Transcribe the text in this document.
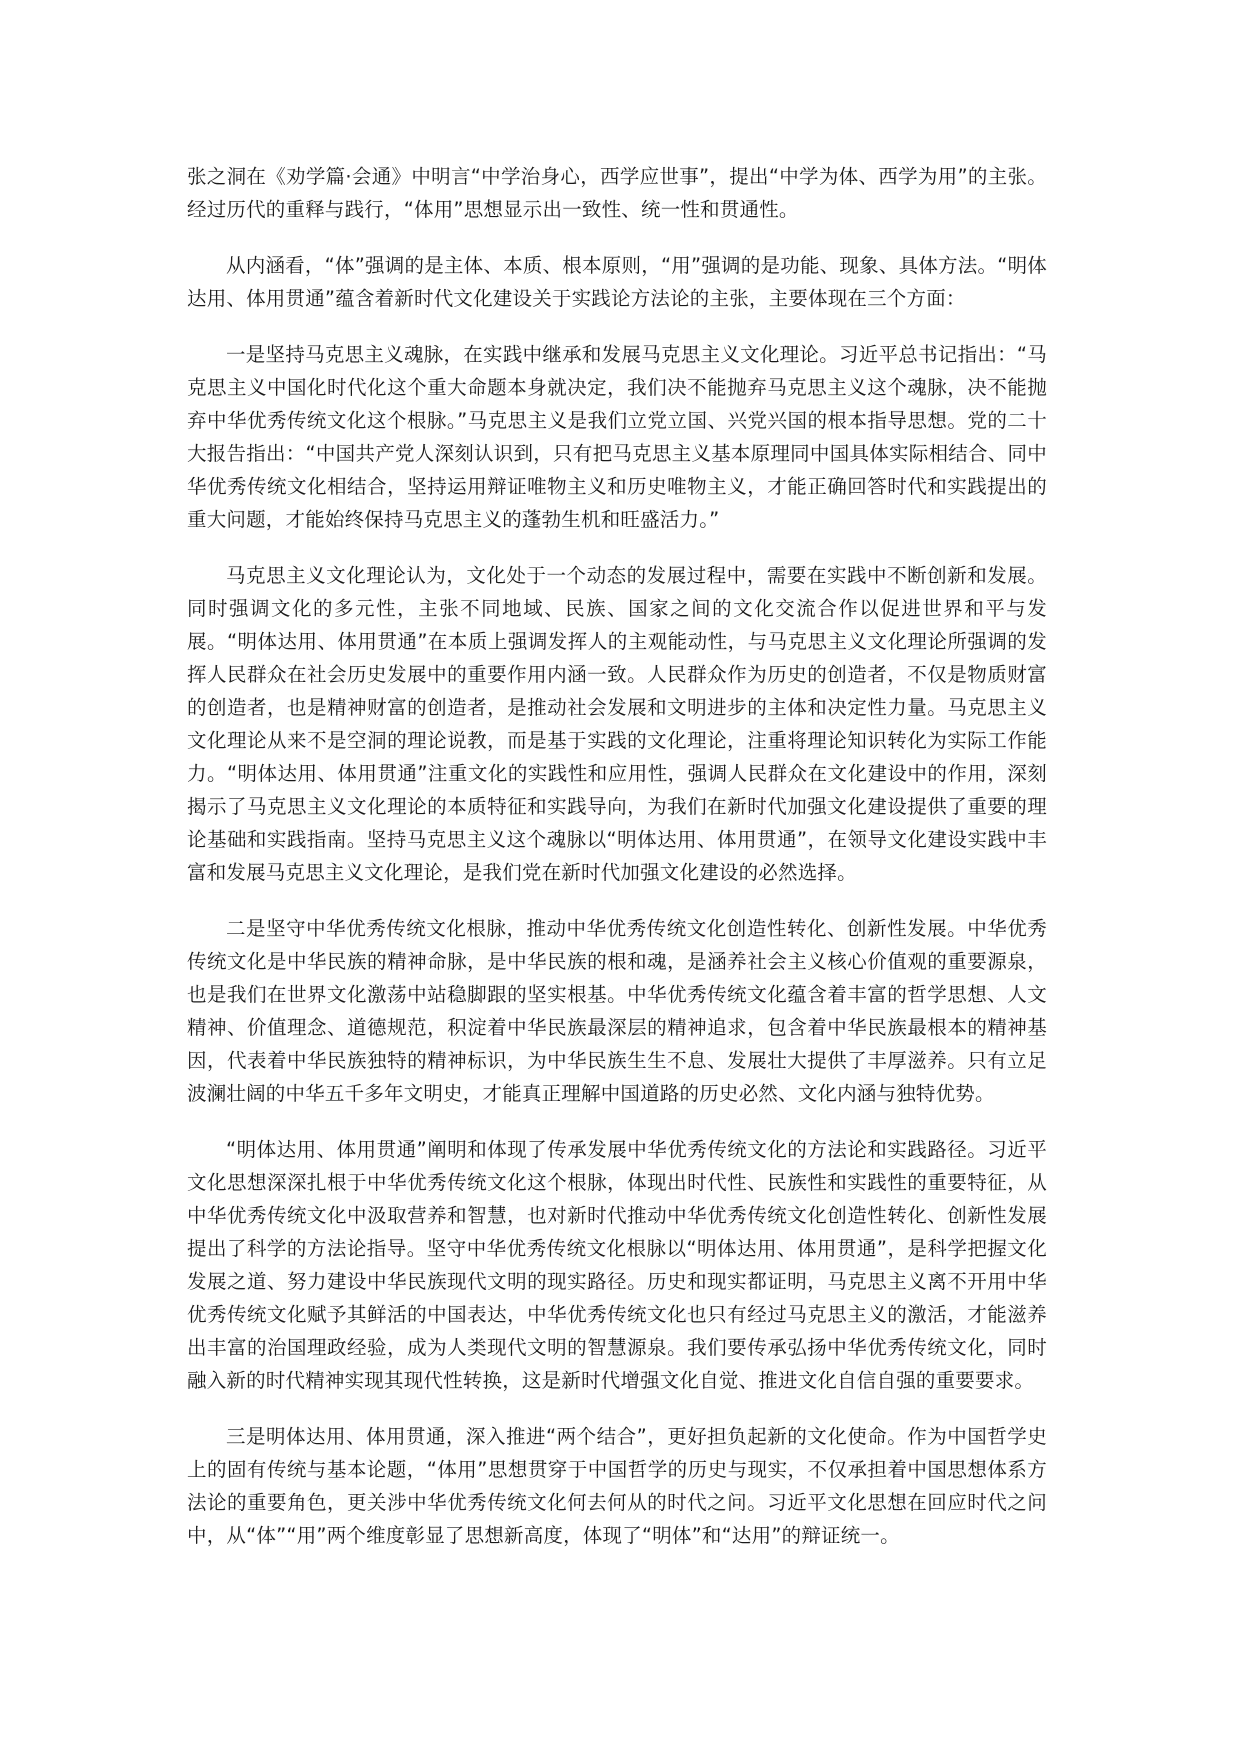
张之洞在《劝学篇·会通》中明言“中学治身心，西学应世事”，提出“中学为体、西学为用”的主张。经过历代的重释与践行，“体用”思想显示出一致性、统一性和贯通性。

从内涵看，“体”强调的是主体、本质、根本原则，“用”强调的是功能、现象、具体方法。“明体达用、体用贯通”蕴含着新时代文化建设关于实践论方法论的主张，主要体现在三个方面：

一是坚持马克思主义魂脉，在实践中继承和发展马克思主义文化理论。习近平总书记指出：“马克思主义中国化时代化这个重大命题本身就决定，我们决不能抛弃马克思主义这个魂脉，决不能抛弃中华优秀传统文化这个根脉。”马克思主义是我们立党立国、兴党兴国的根本指导思想。党的二十大报告指出：“中国共产党人深刻认识到，只有把马克思主义基本原理同中国具体实际相结合、同中华优秀传统文化相结合，坚持运用辩证唯物主义和历史唯物主义，才能正确回答时代和实践提出的重大问题，才能始终保持马克思主义的蓬勃生机和旺盛活力。”

马克思主义文化理论认为，文化处于一个动态的发展过程中，需要在实践中不断创新和发展。同时强调文化的多元性，主张不同地域、民族、国家之间的文化交流合作以促进世界和平与发展。“明体达用、体用贯通”在本质上强调发挥人的主观能动性，与马克思主义文化理论所强调的发挥人民群众在社会历史发展中的重要作用内涵一致。人民群众作为历史的创造者，不仅是物质财富的创造者，也是精神财富的创造者，是推动社会发展和文明进步的主体和决定性力量。马克思主义文化理论从来不是空洞的理论说教，而是基于实践的文化理论，注重将理论知识转化为实际工作能力。“明体达用、体用贯通”注重文化的实践性和应用性，强调人民群众在文化建设中的作用，深刻揭示了马克思主义文化理论的本质特征和实践导向，为我们在新时代加强文化建设提供了重要的理论基础和实践指南。坚持马克思主义这个魂脉以“明体达用、体用贯通”，在领导文化建设实践中丰富和发展马克思主义文化理论，是我们党在新时代加强文化建设的必然选择。

二是坚守中华优秀传统文化根脉，推动中华优秀传统文化创造性转化、创新性发展。中华优秀传统文化是中华民族的精神命脉，是中华民族的根和魂，是涵养社会主义核心价值观的重要源泉，也是我们在世界文化激荡中站稳脚跟的坚实根基。中华优秀传统文化蕴含着丰富的哲学思想、人文精神、价值理念、道德规范，积淀着中华民族最深层的精神追求，包含着中华民族最根本的精神基因，代表着中华民族独特的精神标识，为中华民族生生不息、发展壮大提供了丰厚滋养。只有立足波澜壮阔的中华五千多年文明史，才能真正理解中国道路的历史必然、文化内涵与独特优势。

“明体达用、体用贯通”阐明和体现了传承发展中华优秀传统文化的方法论和实践路径。习近平文化思想深深扎根于中华优秀传统文化这个根脉，体现出时代性、民族性和实践性的重要特征，从中华优秀传统文化中汲取营养和智慧，也对新时代推动中华优秀传统文化创造性转化、创新性发展提出了科学的方法论指导。坚守中华优秀传统文化根脉以“明体达用、体用贯通”，是科学把握文化发展之道、努力建设中华民族现代文明的现实路径。历史和现实都证明，马克思主义离不开用中华优秀传统文化赋予其鲜活的中国表达，中华优秀传统文化也只有经过马克思主义的激活，才能滋养出丰富的治国理政经验，成为人类现代文明的智慧源泉。我们要传承弘扬中华优秀传统文化，同时融入新的时代精神实现其现代性转换，这是新时代增强文化自觉、推进文化自信自强的重要要求。

三是明体达用、体用贯通，深入推进“两个结合”，更好担负起新的文化使命。作为中国哲学史上的固有传统与基本论题，“体用”思想贯穿于中国哲学的历史与现实，不仅承担着中国思想体系方法论的重要角色，更关涉中华优秀传统文化何去何从的时代之问。习近平文化思想在回应时代之问中，从“体”“用”两个维度彰显了思想新高度，体现了“明体”和“达用”的辩证统一。
